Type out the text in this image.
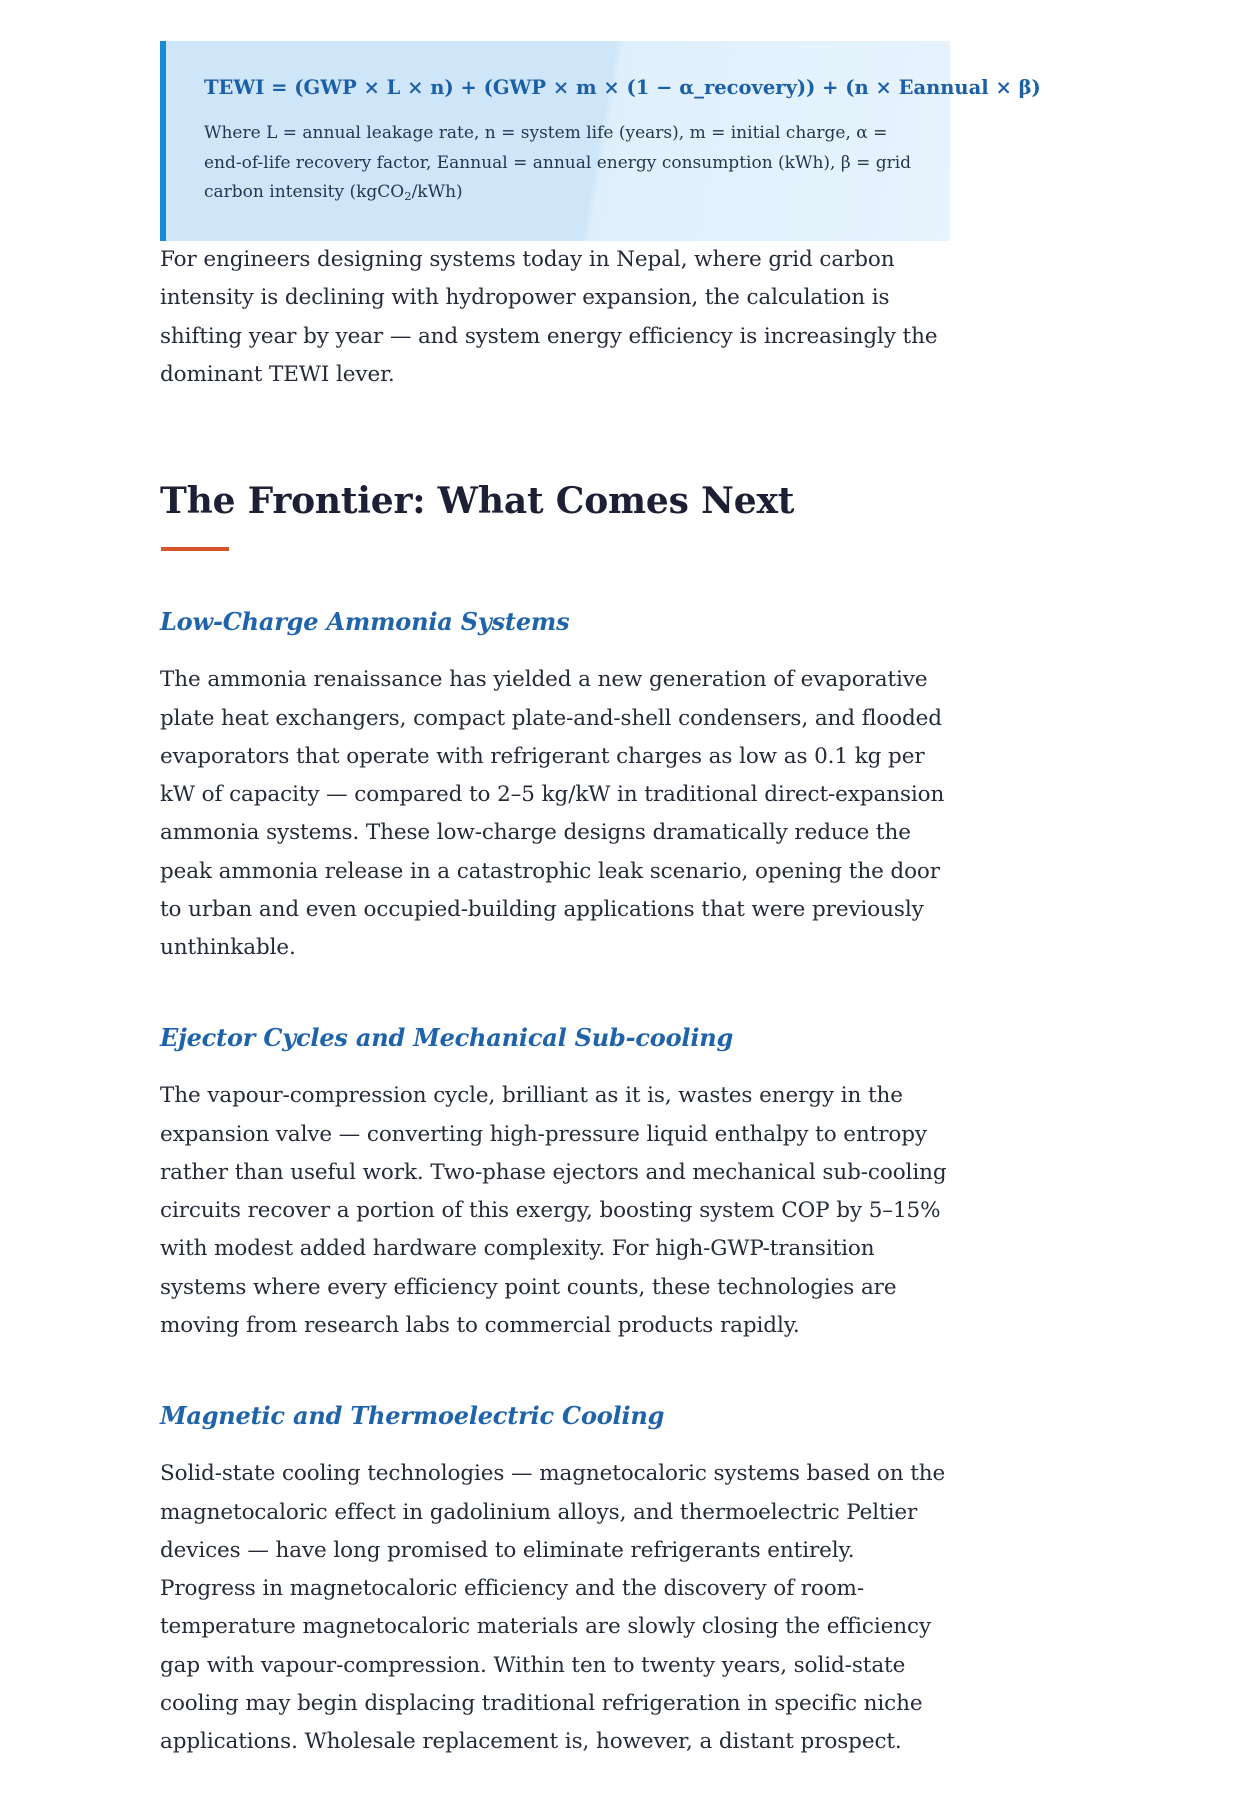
TEWI = (GWP × L × n) + (GWP × m × (1 − α_recovery)) + (n × Eannual × β)

Where L = annual leakage rate, n = system life (years), m = initial charge, α = end-of-life recovery factor, Eannual = annual energy consumption (kWh), β = grid carbon intensity (kgCO$_2$/kWh)

For engineers designing systems today in Nepal, where grid carbon intensity is declining with hydropower expansion, the calculation is shifting year by year — and system energy efficiency is increasingly the dominant TEWI lever.

The Frontier: What Comes Next
Low-Charge Ammonia Systems

The ammonia renaissance has yielded a new generation of evaporative plate heat exchangers, compact plate-and-shell condensers, and flooded evaporators that operate with refrigerant charges as low as 0.1 kg per kW of capacity — compared to 2–5 kg/kW in traditional direct-expansion ammonia systems. These low-charge designs dramatically reduce the peak ammonia release in a catastrophic leak scenario, opening the door to urban and even occupied-building applications that were previously unthinkable.

Ejector Cycles and Mechanical Sub-cooling

The vapour-compression cycle, brilliant as it is, wastes energy in the expansion valve — converting high-pressure liquid enthalpy to entropy rather than useful work. Two-phase ejectors and mechanical sub-cooling circuits recover a portion of this exergy, boosting system COP by 5–15% with modest added hardware complexity. For high-GWP-transition systems where every efficiency point counts, these technologies are moving from research labs to commercial products rapidly.

Magnetic and Thermoelectric Cooling

Solid-state cooling technologies — magnetocaloric systems based on the magnetocaloric effect in gadolinium alloys, and thermoelectric Peltier devices — have long promised to eliminate refrigerants entirely. Progress in magnetocaloric efficiency and the discovery of room-temperature magnetocaloric materials are slowly closing the efficiency gap with vapour-compression. Within ten to twenty years, solid-state cooling may begin displacing traditional refrigeration in specific niche applications. Wholesale replacement is, however, a distant prospect.
